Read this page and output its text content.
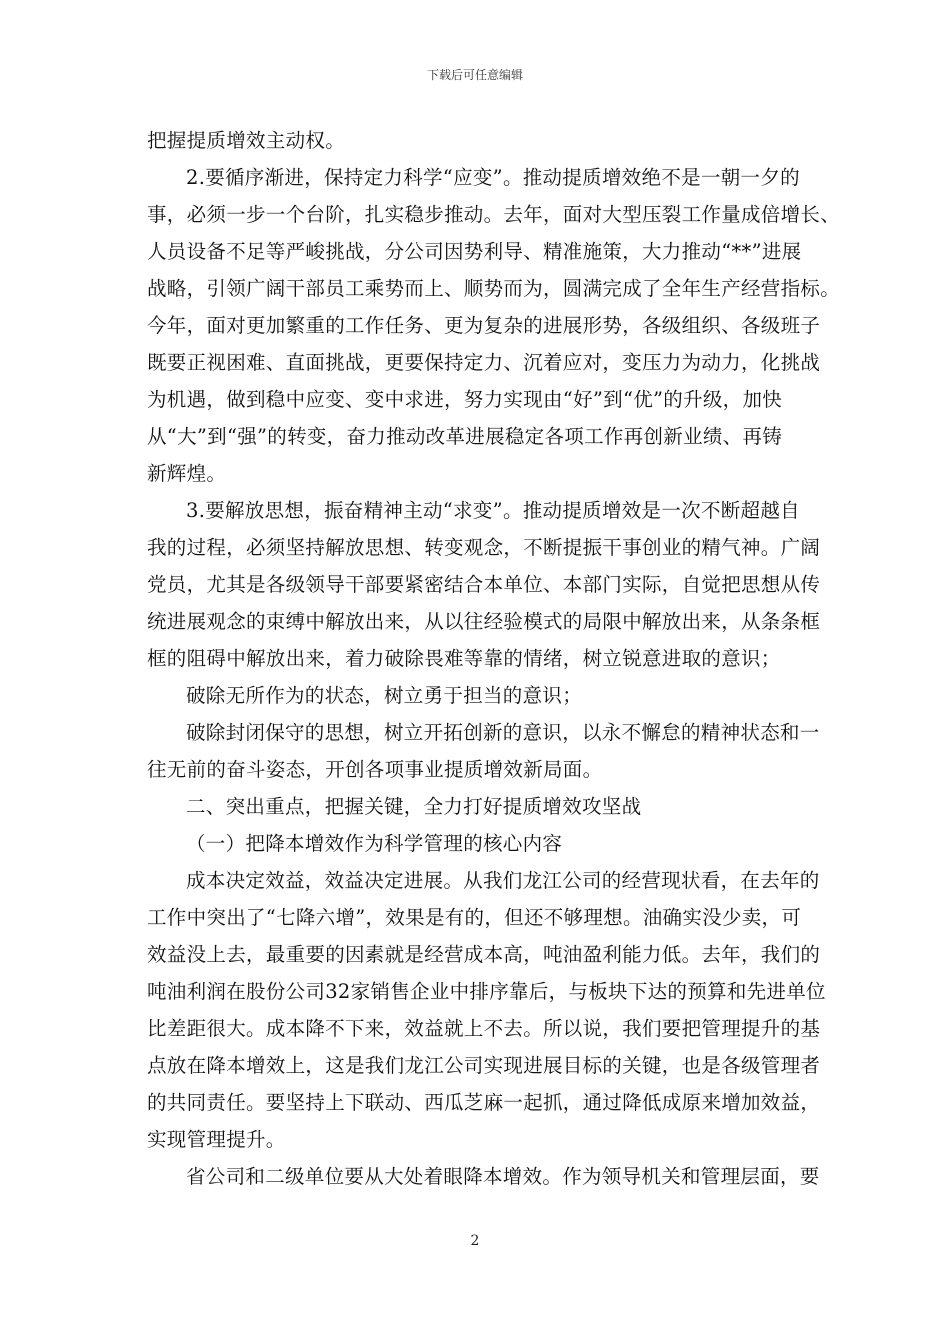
下载后可任意编辑
把握提质增效主动权。
2.要循序渐进，保持定力科学“应变”。推动提质增效绝不是一朝一夕的
事，必须一步一个台阶，扎实稳步推动。去年，面对大型压裂工作量成倍增长、
人员设备不足等严峻挑战，分公司因势利导、精准施策，大力推动“**”进展
战略，引领广阔干部员工乘势而上、顺势而为，圆满完成了全年生产经营指标。
今年，面对更加繁重的工作任务、更为复杂的进展形势，各级组织、各级班子
既要正视困难、直面挑战，更要保持定力、沉着应对，变压力为动力，化挑战
为机遇，做到稳中应变、变中求进，努力实现由“好”到“优”的升级，加快
从“大”到“强”的转变，奋力推动改革进展稳定各项工作再创新业绩、再铸
新辉煌。
3.要解放思想，振奋精神主动“求变”。推动提质增效是一次不断超越自
我的过程，必须坚持解放思想、转变观念，不断提振干事创业的精气神。广阔
党员，尤其是各级领导干部要紧密结合本单位、本部门实际，自觉把思想从传
统进展观念的束缚中解放出来，从以往经验模式的局限中解放出来，从条条框
框的阻碍中解放出来，着力破除畏难等靠的情绪，树立锐意进取的意识；
破除无所作为的状态，树立勇于担当的意识；
破除封闭保守的思想，树立开拓创新的意识，以永不懈怠的精神状态和一
往无前的奋斗姿态，开创各项事业提质增效新局面。
二、突出重点，把握关键，全力打好提质增效攻坚战
（一）把降本增效作为科学管理的核心内容
成本决定效益，效益决定进展。从我们龙江公司的经营现状看，在去年的
工作中突出了“七降六增”，效果是有的，但还不够理想。油确实没少卖，可
效益没上去，最重要的因素就是经营成本高，吨油盈利能力低。去年，我们的
吨油利润在股份公司32家销售企业中排序靠后，与板块下达的预算和先进单位
比差距很大。成本降不下来，效益就上不去。所以说，我们要把管理提升的基
点放在降本增效上，这是我们龙江公司实现进展目标的关键，也是各级管理者
的共同责任。要坚持上下联动、西瓜芝麻一起抓，通过降低成原来增加效益，
实现管理提升。
省公司和二级单位要从大处着眼降本增效。作为领导机关和管理层面，要
2
